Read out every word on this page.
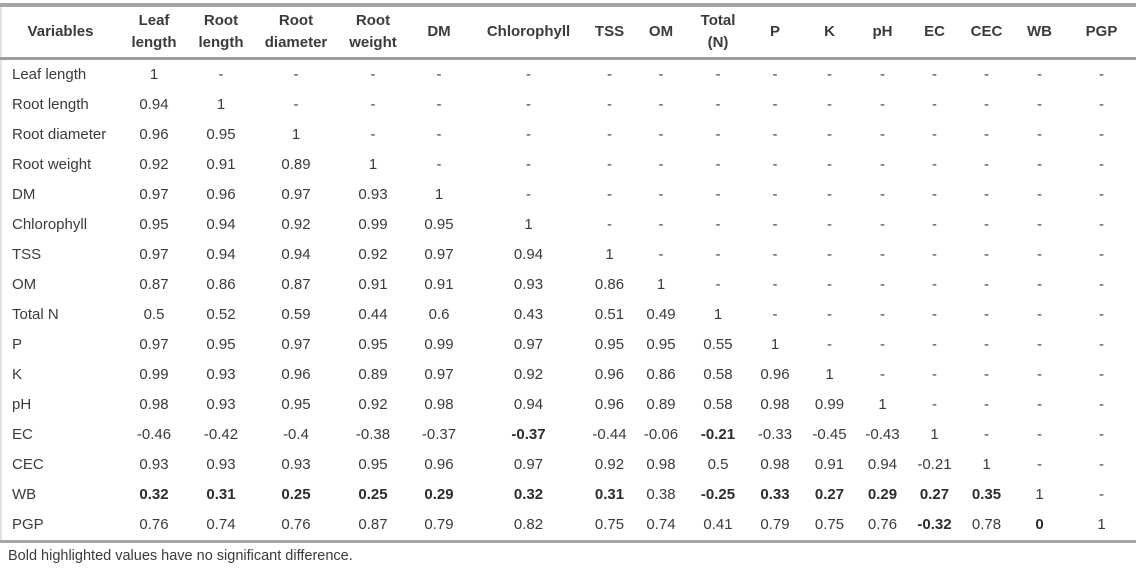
Variables	Leaf length	Root length	Root diameter	Root weight	DM	Chlorophyll	TSS	OM	Total (N)	P	K	pH	EC	CEC	WB	PGP
Leaf length	1	-	-	-	-	-	-	-	-	-	-	-	-	-	-	-
Root length	0.94	1	-	-	-	-	-	-	-	-	-	-	-	-	-	-
Root diameter	0.96	0.95	1	-	-	-	-	-	-	-	-	-	-	-	-	-
Root weight	0.92	0.91	0.89	1	-	-	-	-	-	-	-	-	-	-	-	-
DM	0.97	0.96	0.97	0.93	1	-	-	-	-	-	-	-	-	-	-	-
Chlorophyll	0.95	0.94	0.92	0.99	0.95	1	-	-	-	-	-	-	-	-	-	-
TSS	0.97	0.94	0.94	0.92	0.97	0.94	1	-	-	-	-	-	-	-	-	-
OM	0.87	0.86	0.87	0.91	0.91	0.93	0.86	1	-	-	-	-	-	-	-	-
Total N	0.5	0.52	0.59	0.44	0.6	0.43	0.51	0.49	1	-	-	-	-	-	-	-
P	0.97	0.95	0.97	0.95	0.99	0.97	0.95	0.95	0.55	1	-	-	-	-	-	-
K	0.99	0.93	0.96	0.89	0.97	0.92	0.96	0.86	0.58	0.96	1	-	-	-	-	-
pH	0.98	0.93	0.95	0.92	0.98	0.94	0.96	0.89	0.58	0.98	0.99	1	-	-	-	-
EC	-0.46	-0.42	-0.4	-0.38	-0.37	-0.37	-0.44	-0.06	-0.21	-0.33	-0.45	-0.43	1	-	-	-
CEC	0.93	0.93	0.93	0.95	0.96	0.97	0.92	0.98	0.5	0.98	0.91	0.94	-0.21	1	-	-
WB	0.32	0.31	0.25	0.25	0.29	0.32	0.31	0.38	-0.25	0.33	0.27	0.29	0.27	0.35	1	-
PGP	0.76	0.74	0.76	0.87	0.79	0.82	0.75	0.74	0.41	0.79	0.75	0.76	-0.32	0.78	0	1
Bold highlighted values have no significant difference.
